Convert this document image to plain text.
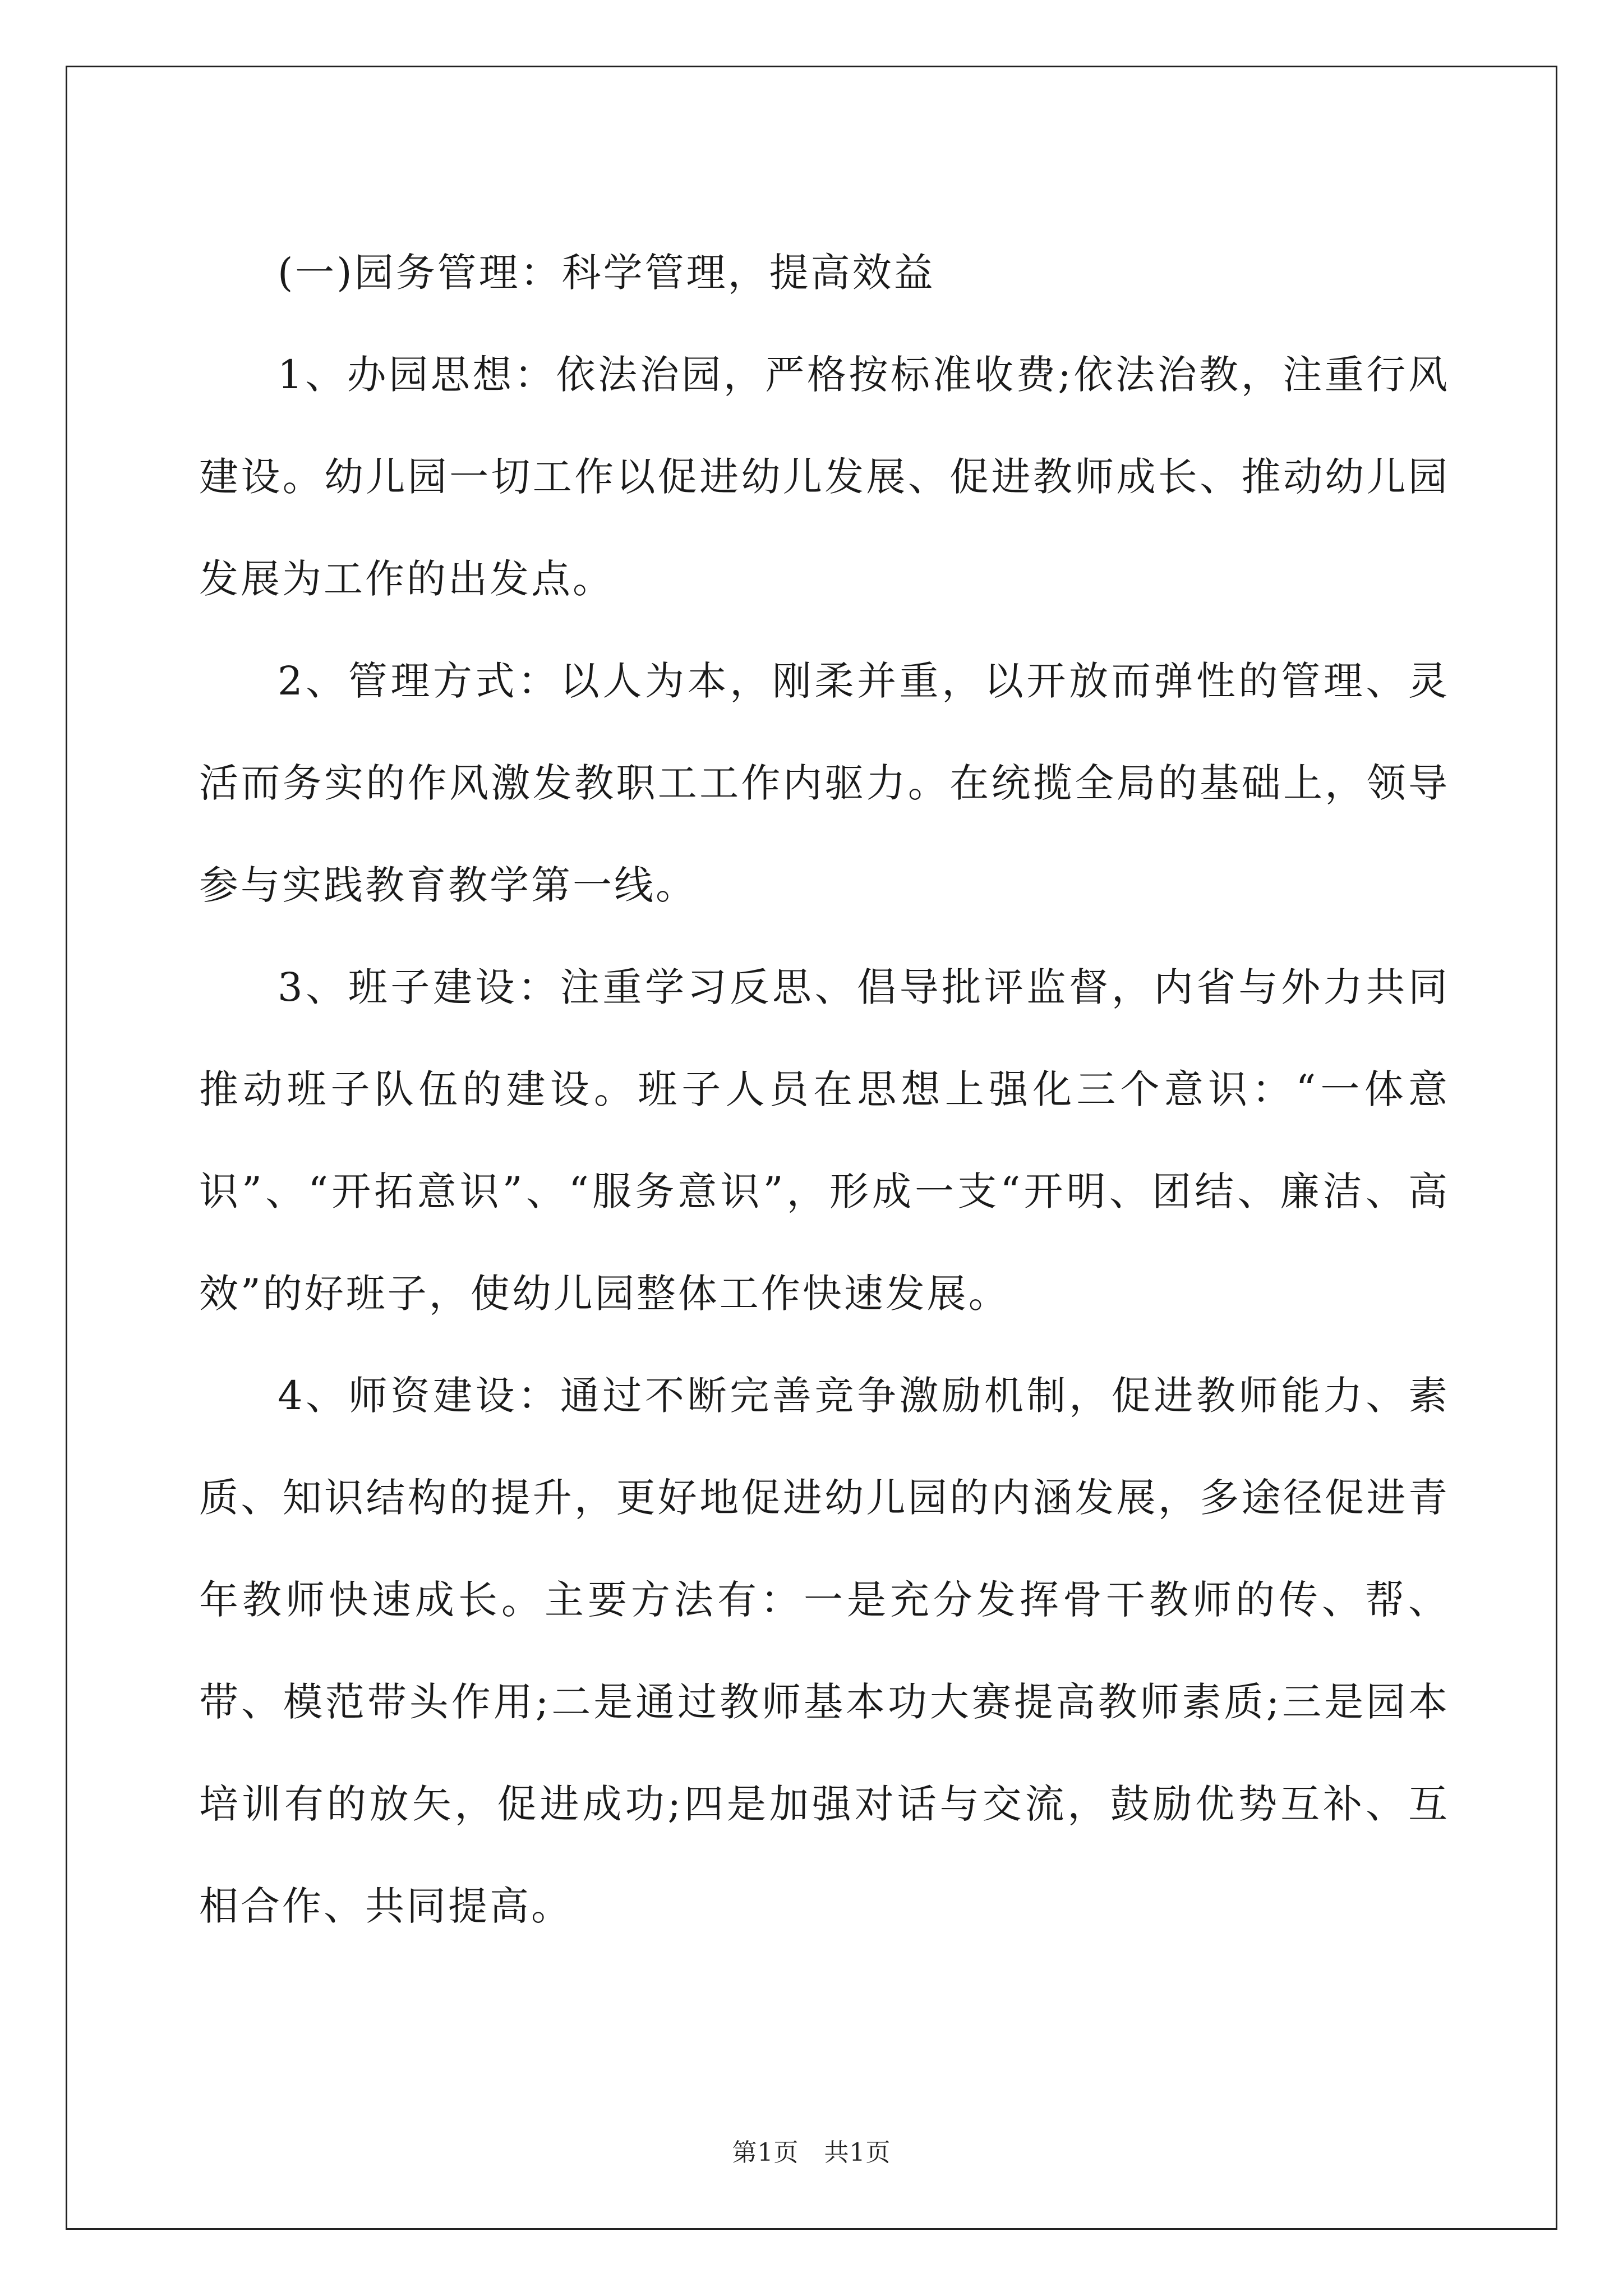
(一)园务管理：科学管理，提高效益

1、办园思想：依法治园，严格按标准收费;依法治教，注重行风建设。幼儿园一切工作以促进幼儿发展、促进教师成长、推动幼儿园发展为工作的出发点。

2、管理方式：以人为本，刚柔并重，以开放而弹性的管理、灵活而务实的作风激发教职工工作内驱力。在统揽全局的基础上，领导参与实践教育教学第一线。

3、班子建设：注重学习反思、倡导批评监督，内省与外力共同推动班子队伍的建设。班子人员在思想上强化三个意识：“一体意识”、“开拓意识”、“服务意识”，形成一支“开明、团结、廉洁、高效”的好班子，使幼儿园整体工作快速发展。

4、师资建设：通过不断完善竞争激励机制，促进教师能力、素质、知识结构的提升，更好地促进幼儿园的内涵发展，多途径促进青年教师快速成长。主要方法有：一是充分发挥骨干教师的传、帮、带、模范带头作用;二是通过教师基本功大赛提高教师素质;三是园本培训有的放矢，促进成功;四是加强对话与交流，鼓励优势互补、互相合作、共同提高。

第1页　共1页
